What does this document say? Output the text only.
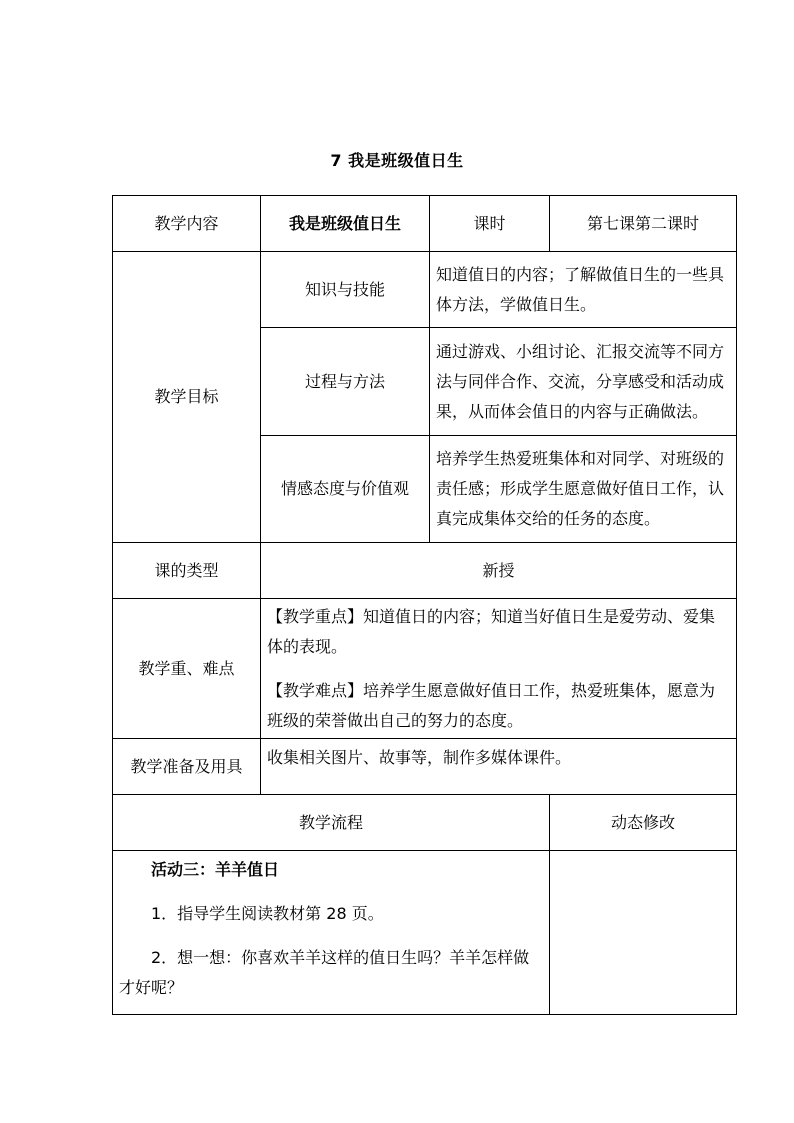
7 我是班级值日生
教学内容	我是班级值日生	课时	第七课第二课时
教学目标	知识与技能	知道值日的内容；了解做值日生的一些具体方法，学做值日生。	
	过程与方法	通过游戏、小组讨论、汇报交流等不同方法与同伴合作、交流，分享感受和活动成果，从而体会值日的内容与正确做法。	
	情感态度与价值观	培养学生热爱班集体和对同学、对班级的责任感；形成学生愿意做好值日工作，认真完成集体交给的任务的态度。	
课的类型	新授		
教学重、难点	【教学重点】知道值日的内容；知道当好值日生是爱劳动、爱集体的表现。

【教学难点】培养学生愿意做好值日工作，热爱班集体，愿意为班级的荣誉做出自己的努力的态度。		

教学准备及用具	收集相关图片、故事等，制作多媒体课件。		
教学流程			动态修改

活动三：羊羊值日

1．指导学生阅读教材第 28 页。

2．想一想：你喜欢羊羊这样的值日生吗？羊羊怎样做才好呢？			
